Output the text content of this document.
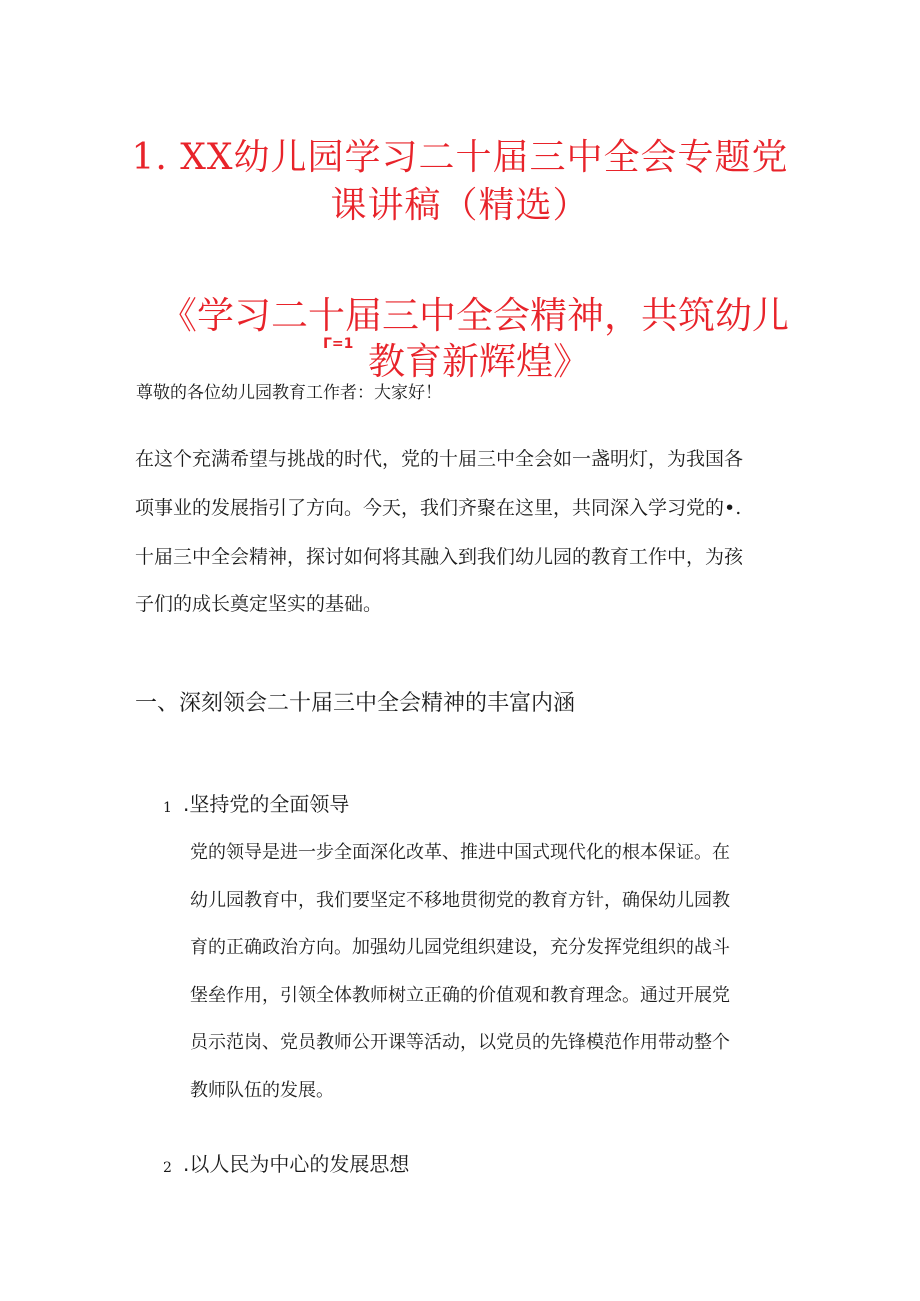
1. XX幼儿园学习二十届三中全会专题党
课讲稿（精选）
《学习二十届三中全会精神，共筑幼儿
Γ=1 教育新辉煌》

尊敬的各位幼儿园教育工作者：大家好！

在这个充满希望与挑战的时代，党的十届三中全会如一盏明灯，为我国各

项事业的发展指引了方向。今天，我们齐聚在这里，共同深入学习党的•.

十届三中全会精神，探讨如何将其融入到我们幼儿园的教育工作中，为孩

子们的成长奠定坚实的基础。

一、深刻领会二十届三中全会精神的丰富内涵
1 .坚持党的全面领导

党的领导是进一步全面深化改革、推进中国式现代化的根本保证。在

幼儿园教育中，我们要坚定不移地贯彻党的教育方针，确保幼儿园教

育的正确政治方向。加强幼儿园党组织建设，充分发挥党组织的战斗

堡垒作用，引领全体教师树立正确的价值观和教育理念。通过开展党

员示范岗、党员教师公开课等活动，以党员的先锋模范作用带动整个

教师队伍的发展。

2 .以人民为中心的发展思想
